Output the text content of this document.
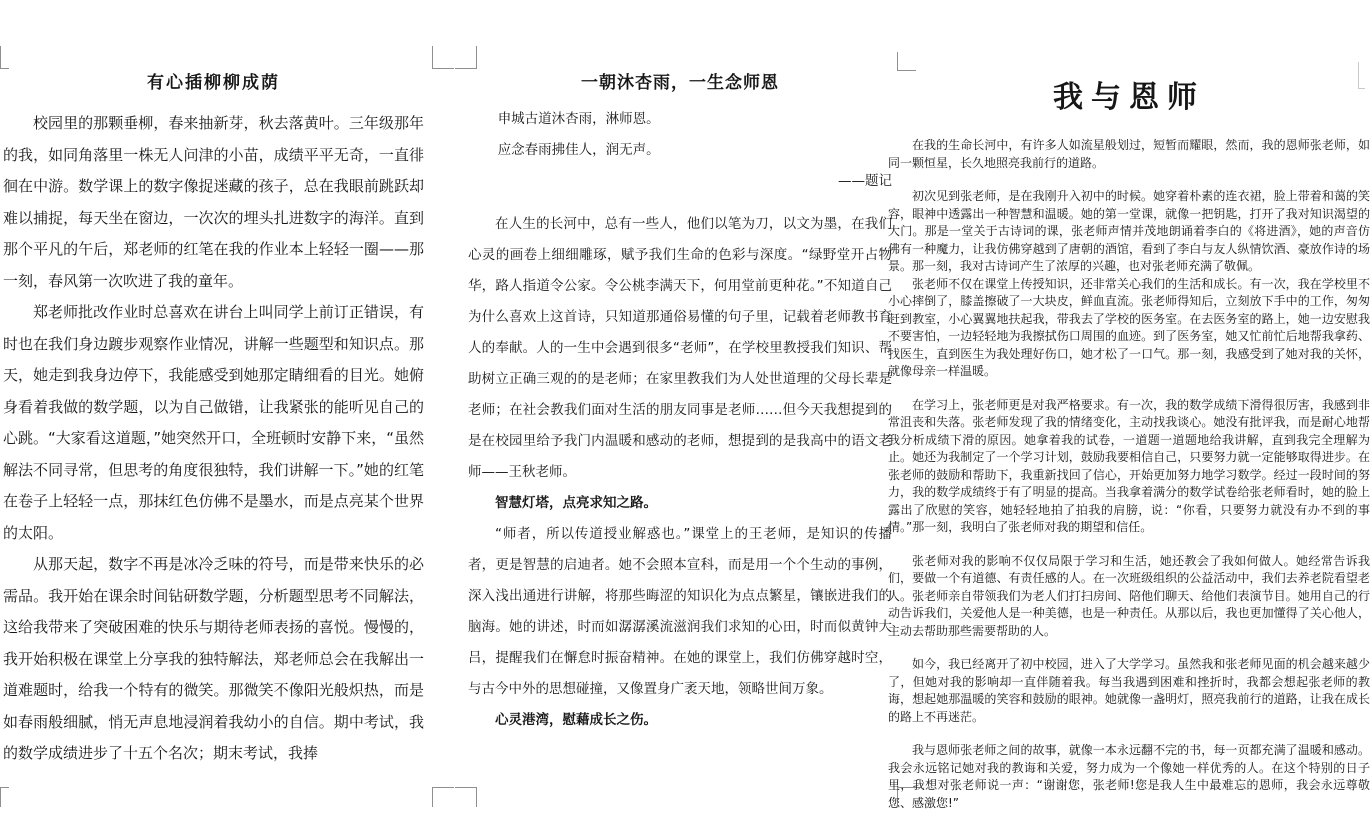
有心插柳柳成荫

校园里的那颗垂柳，春来抽新芽，秋去落黄叶。三年级那年的我，如同角落里一株无人问津的小苗，成绩平平无奇，一直徘徊在中游。数学课上的数字像捉迷藏的孩子，总在我眼前跳跃却难以捕捉，每天坐在窗边，一次次的埋头扎进数字的海洋。直到那个平凡的午后，郑老师的红笔在我的作业本上轻轻一圈——那一刻，春风第一次吹进了我的童年。

郑老师批改作业时总喜欢在讲台上叫同学上前订正错误，有时也在我们身边踱步观察作业情况，讲解一些题型和知识点。那天，她走到我身边停下，我能感受到她那定睛细看的目光。她俯身看着我做的数学题，以为自己做错，让我紧张的能听见自己的心跳。“大家看这道题，”她突然开口，全班顿时安静下来，“虽然解法不同寻常，但思考的角度很独特，我们讲解一下。”她的红笔在卷子上轻轻一点，那抹红色仿佛不是墨水，而是点亮某个世界的太阳。

从那天起，数字不再是冰冷乏味的符号，而是带来快乐的必需品。我开始在课余时间钻研数学题，分析题型思考不同解法，这给我带来了突破困难的快乐与期待老师表扬的喜悦。慢慢的，我开始积极在课堂上分享我的独特解法，郑老师总会在我解出一道难题时，给我一个特有的微笑。那微笑不像阳光般炽热，而是如春雨般细腻，悄无声息地浸润着我幼小的自信。期中考试，我的数学成绩进步了十五个名次；期末考试，我捧

一朝沐杏雨，一生念师恩
申城古道沐杏雨，淋师恩。
应念春雨拂佳人，润无声。
——题记

在人生的长河中，总有一些人，他们以笔为刀，以文为墨，在我们心灵的画卷上细细雕琢，赋予我们生命的色彩与深度。“绿野堂开占物华，路人指道令公家。令公桃李满天下，何用堂前更种花。”不知道自己为什么喜欢上这首诗，只知道那通俗易懂的句子里，记载着老师教书育人的奉献。人的一生中会遇到很多“老师”，在学校里教授我们知识、帮助树立正确三观的的是老师；在家里教我们为人处世道理的父母长辈是老师；在社会教我们面对生活的朋友同事是老师……但今天我想提到的是在校园里给予我门内温暖和感动的老师，想提到的是我高中的语文老师——王秋老师。

智慧灯塔，点亮求知之路。

“师者，所以传道授业解惑也。”课堂上的王老师，是知识的传播者，更是智慧的启迪者。她不会照本宣科，而是用一个个生动的事例，深入浅出通进行讲解，将那些晦涩的知识化为点点繁星，镶嵌进我们的脑海。她的讲述，时而如潺潺溪流滋润我们求知的心田，时而似黄钟大吕，提醒我们在懈怠时振奋精神。在她的课堂上，我们仿佛穿越时空，与古今中外的思想碰撞，又像置身广袤天地，领略世间万象。

心灵港湾，慰藉成长之伤。
我与恩师

在我的生命长河中，有许多人如流星般划过，短暂而耀眼，然而，我的恩师张老师，如同一颗恒星，长久地照亮我前行的道路。

初次见到张老师，是在我刚升入初中的时候。她穿着朴素的连衣裙，脸上带着和蔼的笑容，眼神中透露出一种智慧和温暖。她的第一堂课，就像一把钥匙，打开了我对知识渴望的大门。那是一堂关于古诗词的课，张老师声情并茂地朗诵着李白的《将进酒》，她的声音仿佛有一种魔力，让我仿佛穿越到了唐朝的酒馆，看到了李白与友人纵情饮酒、豪放作诗的场景。那一刻，我对古诗词产生了浓厚的兴趣，也对张老师充满了敬佩。

张老师不仅在课堂上传授知识，还非常关心我们的生活和成长。有一次，我在学校里不小心摔倒了，膝盖擦破了一大块皮，鲜血直流。张老师得知后，立刻放下手中的工作，匆匆赶到教室，小心翼翼地扶起我，带我去了学校的医务室。在去医务室的路上，她一边安慰我不要害怕，一边轻轻地为我擦拭伤口周围的血迹。到了医务室，她又忙前忙后地帮我拿药、找医生，直到医生为我处理好伤口，她才松了一口气。那一刻，我感受到了她对我的关怀，就像母亲一样温暖。

在学习上，张老师更是对我严格要求。有一次，我的数学成绩下滑得很厉害，我感到非常沮丧和失落。张老师发现了我的情绪变化，主动找我谈心。她没有批评我，而是耐心地帮我分析成绩下滑的原因。她拿着我的试卷，一道题一道题地给我讲解，直到我完全理解为止。她还为我制定了一个学习计划，鼓励我要相信自己，只要努力就一定能够取得进步。在张老师的鼓励和帮助下，我重新找回了信心，开始更加努力地学习数学。经过一段时间的努力，我的数学成绩终于有了明显的提高。当我拿着满分的数学试卷给张老师看时，她的脸上露出了欣慰的笑容，她轻轻地拍了拍我的肩膀，说：“你看，只要努力就没有办不到的事情。”那一刻，我明白了张老师对我的期望和信任。

张老师对我的影响不仅仅局限于学习和生活，她还教会了我如何做人。她经常告诉我们，要做一个有道德、有责任感的人。在一次班级组织的公益活动中，我们去养老院看望老人。张老师亲自带领我们为老人们打扫房间、陪他们聊天、给他们表演节目。她用自己的行动告诉我们，关爱他人是一种美德，也是一种责任。从那以后，我也更加懂得了关心他人，主动去帮助那些需要帮助的人。

如今，我已经离开了初中校园，进入了大学学习。虽然我和张老师见面的机会越来越少了，但她对我的影响却一直伴随着我。每当我遇到困难和挫折时，我都会想起张老师的教诲，想起她那温暖的笑容和鼓励的眼神。她就像一盏明灯，照亮我前行的道路，让我在成长的路上不再迷茫。

我与恩师张老师之间的故事，就像一本永远翻不完的书，每一页都充满了温暖和感动。我会永远铭记她对我的教诲和关爱，努力成为一个像她一样优秀的人。在这个特别的日子里，我想对张老师说一声：“谢谢您，张老师!您是我人生中最难忘的恩师，我会永远尊敬您、感激您!”
